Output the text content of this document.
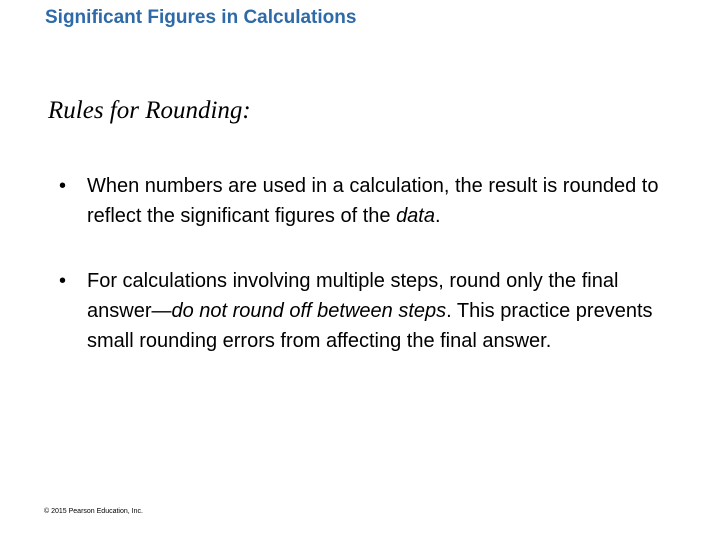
Significant Figures in Calculations
Rules for Rounding:
• When numbers are used in a calculation, the result is rounded to reflect the significant figures of the data.
• For calculations involving multiple steps, round only the final answer—do not round off between steps. This practice prevents small rounding errors from affecting the final answer.
© 2015 Pearson Education, Inc.
